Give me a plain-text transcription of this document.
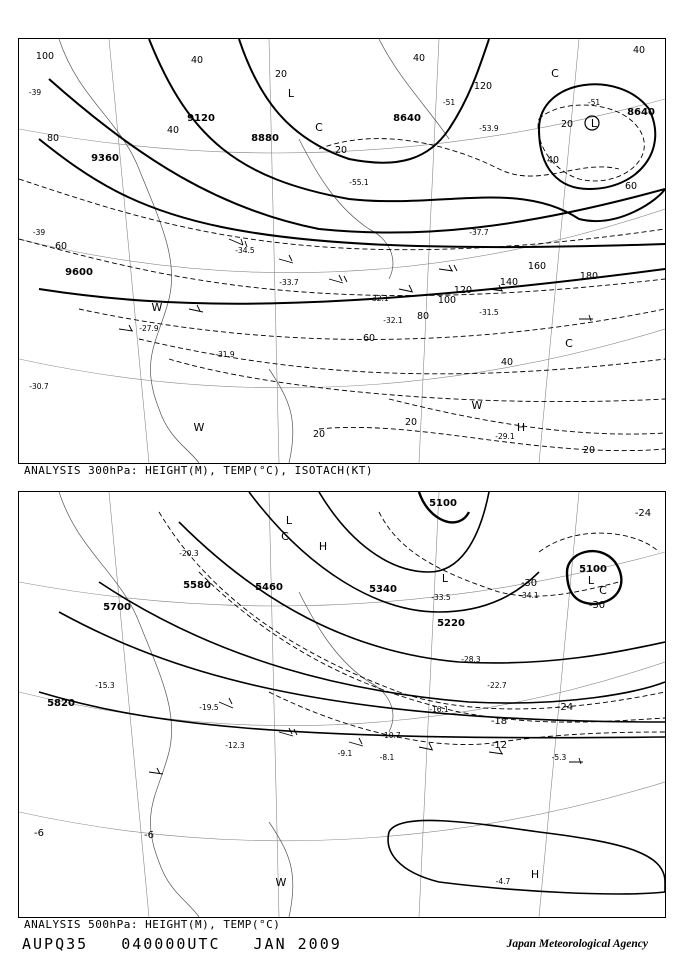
9600
9360
9120
8880
8640
8640
100
80
60
40
40
20
20
20
40
60
80
100
120
140
160
180
40
120
20
40
60
40
20
20
-39
-39
-34.5
-33.7
-32.1
-31.9
-30.7
-27.9
-37.7
-51	-51
-53.9
-55.1
-31.5
-32.1
-29.1
L
L
C
C
W
W
W
C
H
ANALYSIS 300hPa: HEIGHT(M), TEMP(°C), ISOTACH(KT)
5100
5100
5220
5340
5460
5580
5700
5820
-24
-18
-12
-30
-30
-24
-6	-6
-33.5	-34.1
-28.3
-22.7
-16.1
-10.7
-8.1	-5.3
-9.1
-4.7
-20.3
-19.5
-15.3
-12.3
L
C
H
L	L
C
H
W
ANALYSIS 500hPa: HEIGHT(M), TEMP(°C)
AUPQ35 040000UTC JAN 2009	Japan Meteorological Agency
